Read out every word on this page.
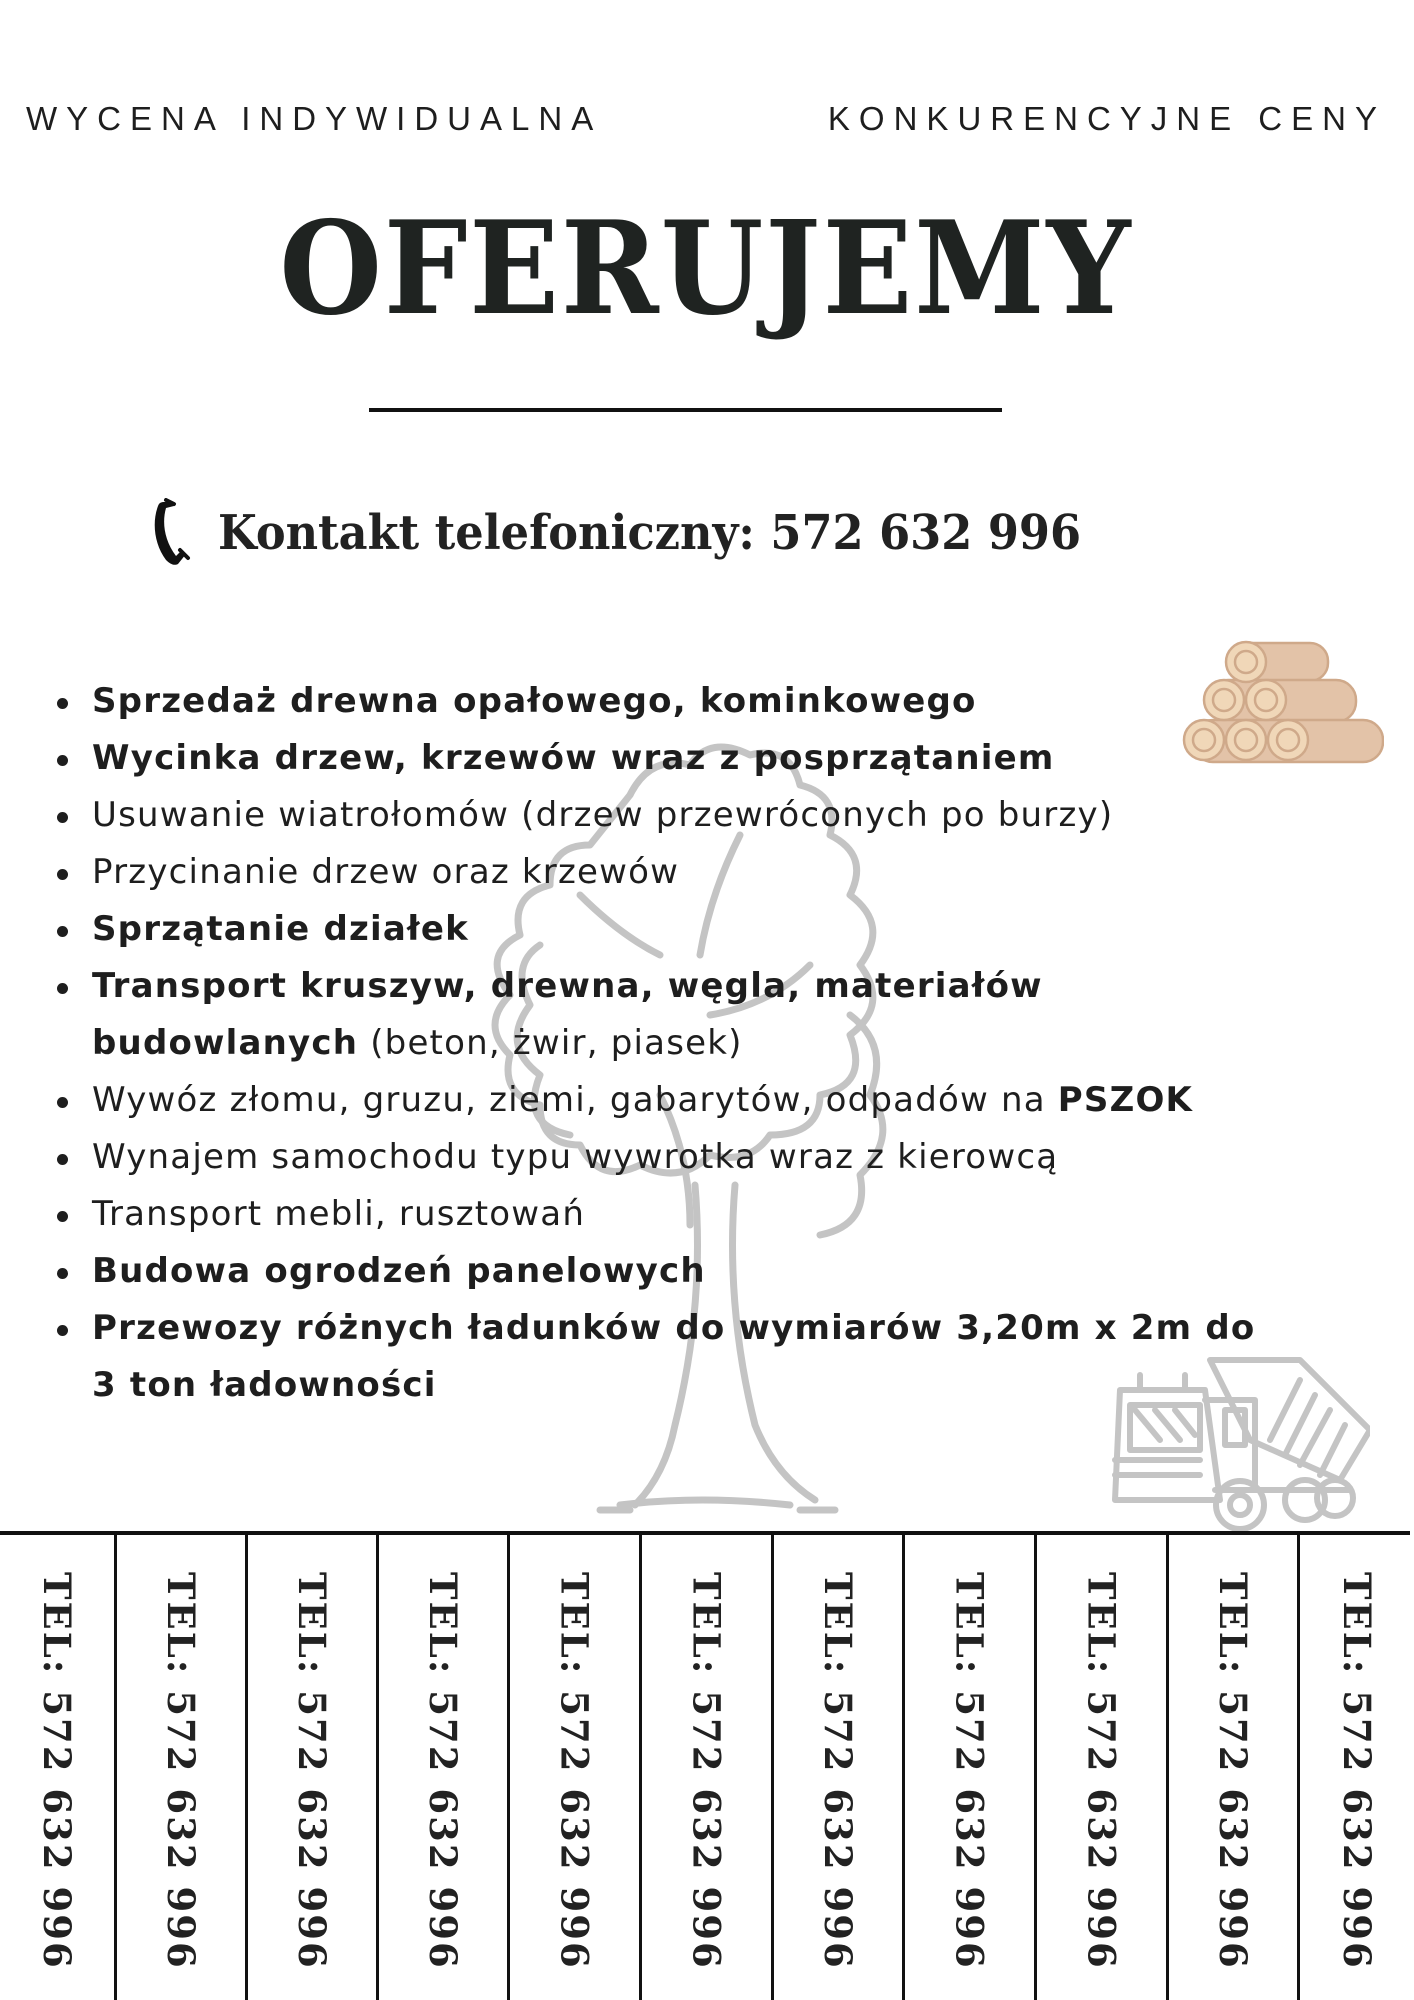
WYCENA INDYWIDUALNA	KONKURENCYJNE CENY
OFERUJEMY
Kontakt telefoniczny: 572 632 996
Sprzedaż drewna opałowego, kominkowego
Wycinka drzew, krzewów wraz z posprzątaniem
Usuwanie wiatrołomów (drzew przewróconych po burzy)
Przycinanie drzew oraz krzewów
Sprzątanie działek
Transport kruszyw, drewna, węgla, materiałów
budowlanych (beton, żwir, piasek)
Wywóz złomu, gruzu, ziemi, gabarytów, odpadów na PSZOK
Wynajem samochodu typu wywrotka wraz z kierowcą
Transport mebli, rusztowań
Budowa ogrodzeń panelowych
Przewozy różnych ładunków do wymiarów 3,20m x 2m do
3 ton ładowności
TEL: 572 632 996 TEL: 572 632 996 TEL: 572 632 996 TEL: 572 632 996 TEL: 572 632 996 TEL: 572 632 996 TEL: 572 632 996 TEL: 572 632 996 TEL: 572 632 996 TEL: 572 632 996 TEL: 572 632 996
